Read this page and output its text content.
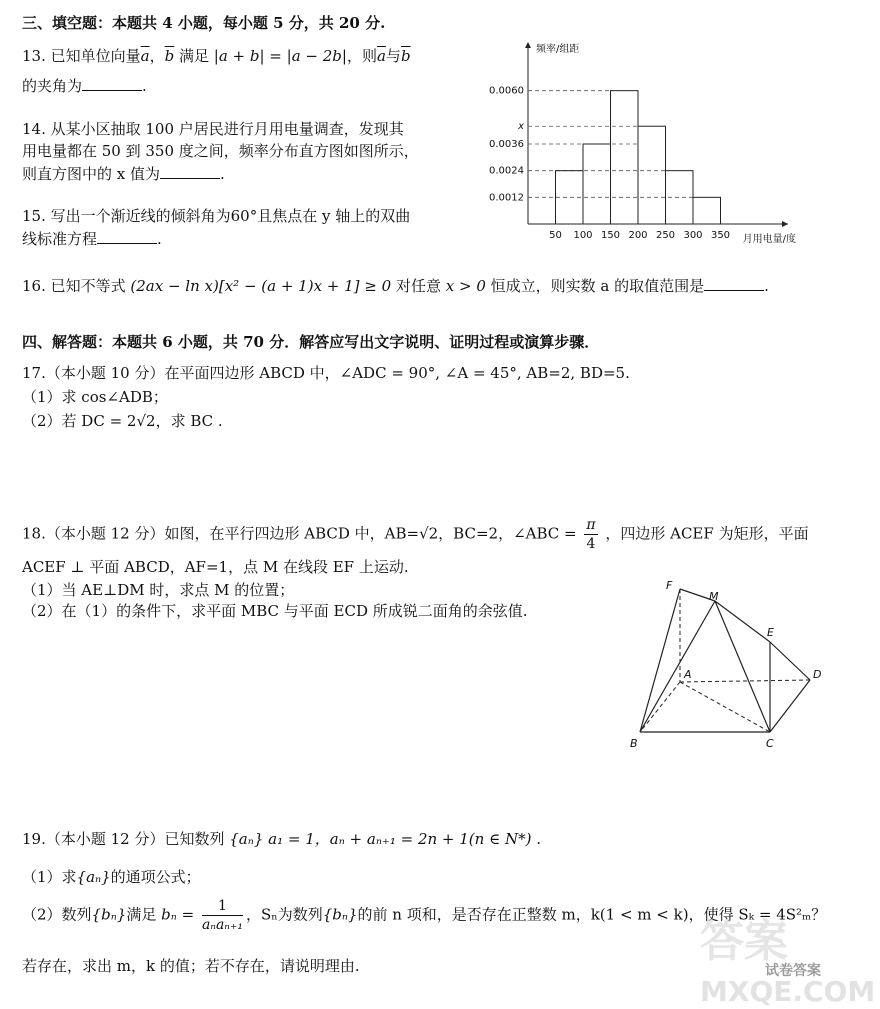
三、填空题：本题共 4 小题，每小题 5 分，共 20 分.
13. 已知单位向量$\overline{a}$，$\overline{b}$ 满足 |a + b| = |a − 2b|，则$\overline{a}$与$\overline{b}$
的夹角为	.
14. 从某小区抽取 100 户居民进行月用电量调查，发现其
用电量都在 50 到 350 度之间，频率分布直方图如图所示，
则直方图中的 x 值为	.
15. 写出一个渐近线的倾斜角为60°且焦点在 y 轴上的双曲
线标准方程	.
0.0060
x
0.0036
0.0024
0.0012
50 100 150 200 250 300 350
频率/组距
月用电量/度
16. 已知不等式 (2ax − ln x)[x² − (a + 1)x + 1] ≥ 0 对任意 x > 0 恒成立，则实数 a 的取值范围是	.
四、解答题：本题共 6 小题，共 70 分．解答应写出文字说明、证明过程或演算步骤．
17.（本小题 10 分）在平面四边形 ABCD 中，∠ADC = 90°, ∠A = 45°, AB=2, BD=5.
（1）求 cos∠ADB；
（2）若 DC = 2√2，求 BC .
18.（本小题 12 分）如图，在平行四边形 ABCD 中，AB=√2，BC=2，∠ABC = $\frac{\pi}{4}$ ，四边形 ACEF 为矩形，平面
ACEF ⊥ 平面 ABCD，AF=1，点 M 在线段 EF 上运动.
（1）当 AE⊥DM 时，求点 M 的位置；
（2）在（1）的条件下，求平面 MBC 与平面 ECD 所成锐二面角的余弦值.
F
M
E
A	D
B	C
19.（本小题 12 分）已知数列 {aₙ} a₁ = 1，aₙ + aₙ₊₁ = 2n + 1(n ∈ N*) .
（1）求{aₙ}的通项公式；
（2）数列{bₙ}满足 $b_n = \frac{1}{\text{aₙaₙ₊₁}}$ ，Sₙ为数列{bₙ}的前 n 项和，是否存在正整数 m，k(1 < m < k)，使得 Sₖ = 4S²ₘ？
若存在，求出 m，k 的值；若不存在，请说明理由.	答案
试卷答案
MXQE.COM
